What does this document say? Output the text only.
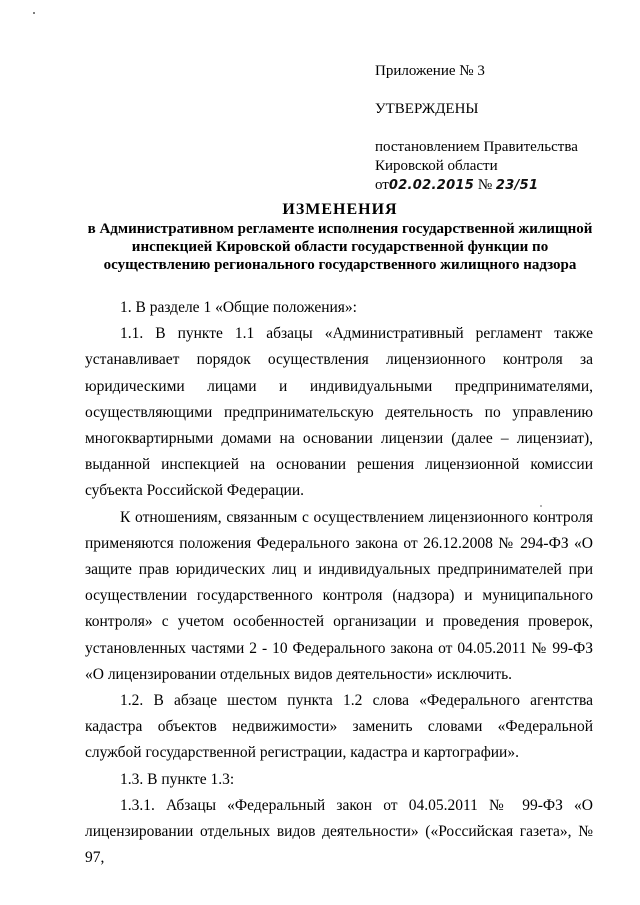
Приложение № 3
УТВЕРЖДЕНЫ
постановлением Правительства
Кировской области
от02.02.2015 № 23/51
ИЗМЕНЕНИЯ
в Административном регламенте исполнения государственной жилищной
инспекцией Кировской области государственной функции по
осуществлению регионального государственного жилищного надзора

1. В разделе 1 «Общие положения»:

1.1. В пункте 1.1 абзацы «Административный регламент также устанавливает порядок осуществления лицензионного контроля за юридическими лицами и индивидуальными предпринимателями, осуществляющими предпринимательскую деятельность по управлению многоквартирными домами на основании лицензии (далее – лицензиат), выданной инспекцией на основании решения лицензионной комиссии субъекта Российской Федерации.

К отношениям, связанным с осуществлением лицензионного контроля применяются положения Федерального закона от 26.12.2008 № 294-ФЗ «О защите прав юридических лиц и индивидуальных предпринимателей при осуществлении государственного контроля (надзора) и муниципального контроля» с учетом особенностей организации и проведения проверок, установленных частями 2 - 10 Федерального закона от 04.05.2011 № 99-ФЗ «О лицензировании отдельных видов деятельности» исключить.

1.2. В абзаце шестом пункта 1.2 слова «Федерального агентства кадастра объектов недвижимости» заменить словами «Федеральной службой государственной регистрации, кадастра и картографии».

1.3. В пункте 1.3:

1.3.1. Абзацы «Федеральный закон от 04.05.2011 № 99-ФЗ «О лицензировании отдельных видов деятельности» («Российская газета», № 97,
